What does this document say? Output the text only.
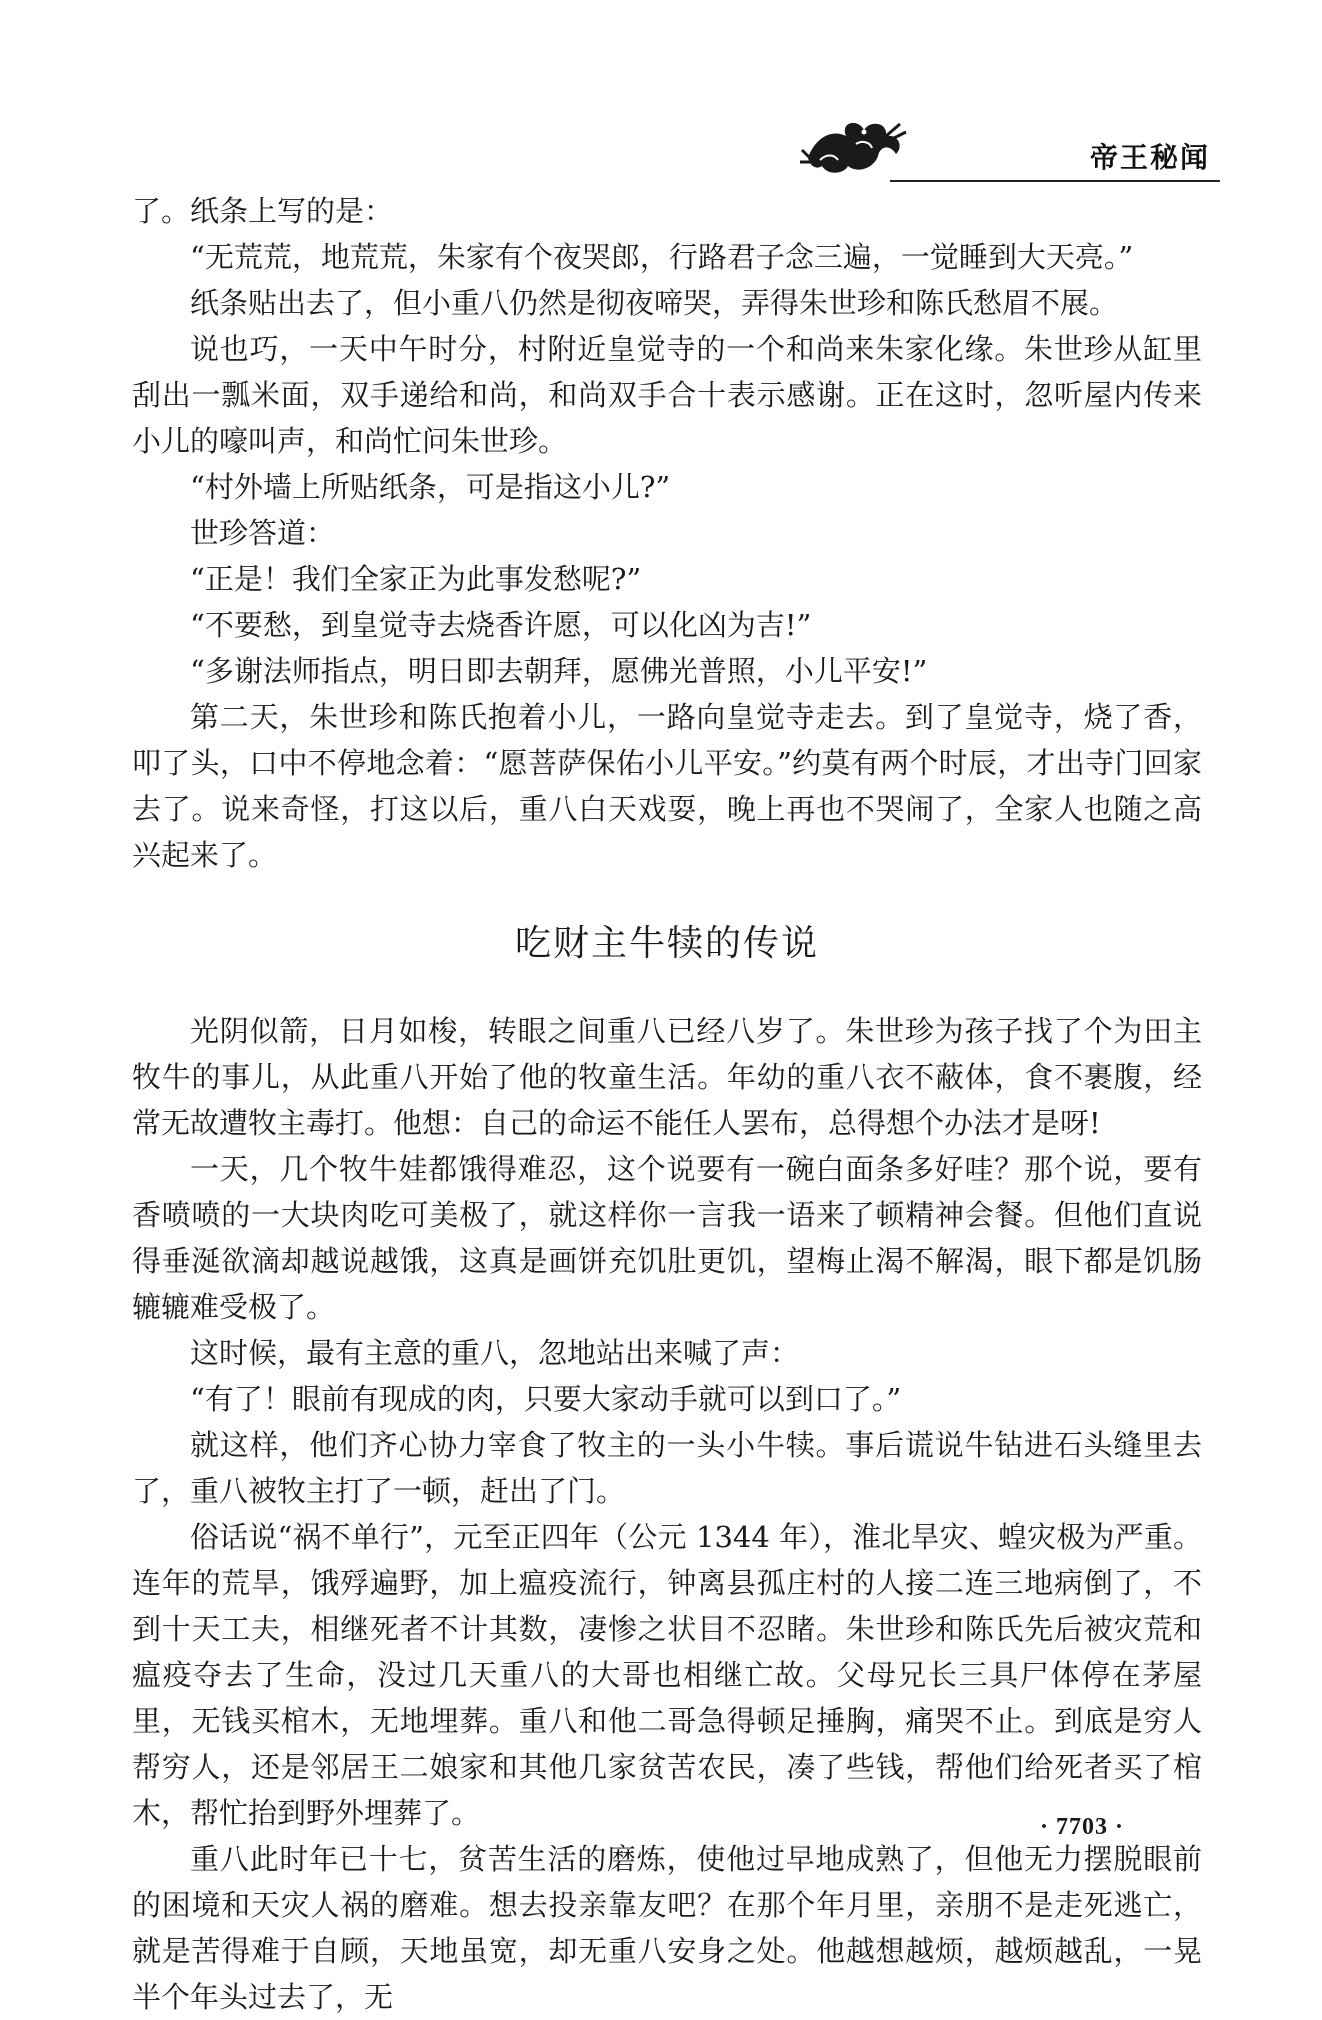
帝王秘闻

了。纸条上写的是：

“无荒荒，地荒荒，朱家有个夜哭郎，行路君子念三遍，一觉睡到大天亮。”

纸条贴出去了，但小重八仍然是彻夜啼哭，弄得朱世珍和陈氏愁眉不展。

说也巧，一天中午时分，村附近皇觉寺的一个和尚来朱家化缘。朱世珍从缸里刮出一瓢米面，双手递给和尚，和尚双手合十表示感谢。正在这时，忽听屋内传来小儿的嚎叫声，和尚忙问朱世珍。

“村外墙上所贴纸条，可是指这小儿?”

世珍答道：

“正是！我们全家正为此事发愁呢?”

“不要愁，到皇觉寺去烧香许愿，可以化凶为吉!”

“多谢法师指点，明日即去朝拜，愿佛光普照，小儿平安!”

第二天，朱世珍和陈氏抱着小儿，一路向皇觉寺走去。到了皇觉寺，烧了香，叩了头，口中不停地念着：“愿菩萨保佑小儿平安。”约莫有两个时辰，才出寺门回家去了。说来奇怪，打这以后，重八白天戏耍，晚上再也不哭闹了，全家人也随之高兴起来了。

吃财主牛犊的传说

光阴似箭，日月如梭，转眼之间重八已经八岁了。朱世珍为孩子找了个为田主牧牛的事儿，从此重八开始了他的牧童生活。年幼的重八衣不蔽体，食不裹腹，经常无故遭牧主毒打。他想：自己的命运不能任人罢布，总得想个办法才是呀!

一天，几个牧牛娃都饿得难忍，这个说要有一碗白面条多好哇？那个说，要有香喷喷的一大块肉吃可美极了，就这样你一言我一语来了顿精神会餐。但他们直说得垂涎欲滴却越说越饿，这真是画饼充饥肚更饥，望梅止渴不解渴，眼下都是饥肠辘辘难受极了。

这时候，最有主意的重八，忽地站出来喊了声：

“有了！眼前有现成的肉，只要大家动手就可以到口了。”

就这样，他们齐心协力宰食了牧主的一头小牛犊。事后谎说牛钻进石头缝里去了，重八被牧主打了一顿，赶出了门。

俗话说“祸不单行”，元至正四年（公元 1344 年），淮北旱灾、蝗灾极为严重。连年的荒旱，饿殍遍野，加上瘟疫流行，钟离县孤庄村的人接二连三地病倒了，不到十天工夫，相继死者不计其数，凄惨之状目不忍睹。朱世珍和陈氏先后被灾荒和瘟疫夺去了生命，没过几天重八的大哥也相继亡故。父母兄长三具尸体停在茅屋里，无钱买棺木，无地埋葬。重八和他二哥急得顿足捶胸，痛哭不止。到底是穷人帮穷人，还是邻居王二娘家和其他几家贫苦农民，凑了些钱，帮他们给死者买了棺木，帮忙抬到野外埋葬了。

重八此时年已十七，贫苦生活的磨炼，使他过早地成熟了，但他无力摆脱眼前的困境和天灾人祸的磨难。想去投亲靠友吧？在那个年月里，亲朋不是走死逃亡，就是苦得难于自顾，天地虽宽，却无重八安身之处。他越想越烦，越烦越乱，一晃半个年头过去了，无

· 7703 ·
